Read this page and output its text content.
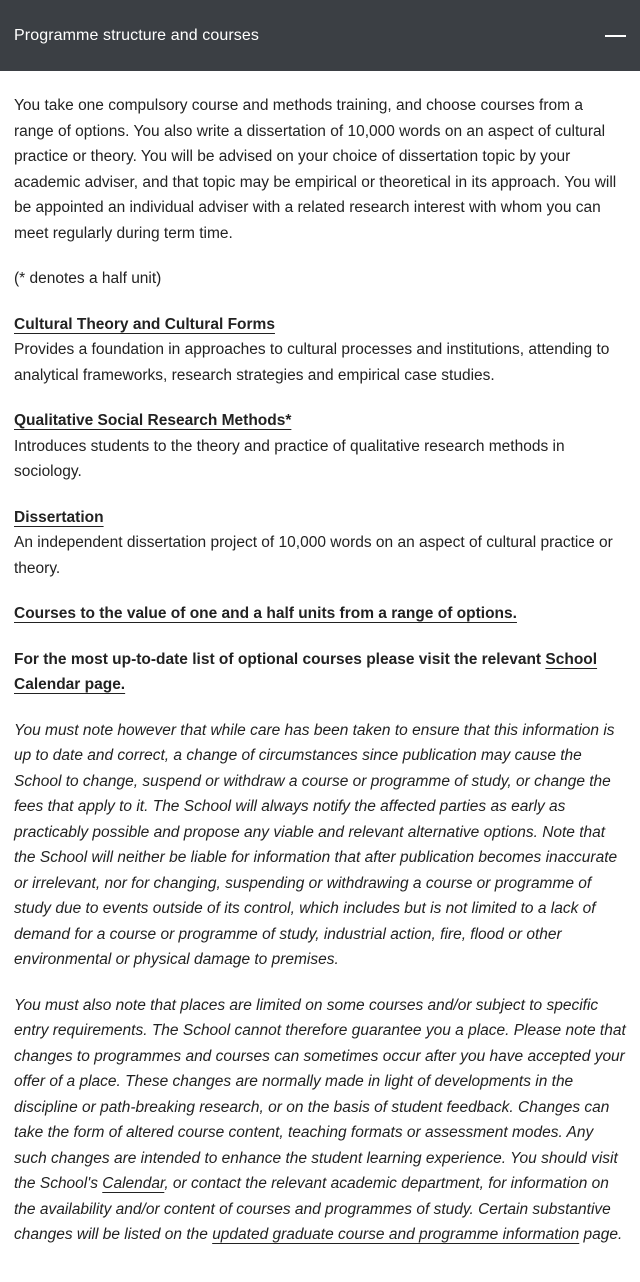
Programme structure and courses

You take one compulsory course and methods training, and choose courses from a range of options. You also write a dissertation of 10,000 words on an aspect of cultural practice or theory. You will be advised on your choice of dissertation topic by your academic adviser, and that topic may be empirical or theoretical in its approach. You will be appointed an individual adviser with a related research interest with whom you can meet regularly during term time.

(* denotes a half unit)

Cultural Theory and Cultural Forms

Provides a foundation in approaches to cultural processes and institutions, attending to analytical frameworks, research strategies and empirical case studies.

Qualitative Social Research Methods*

Introduces students to the theory and practice of qualitative research methods in sociology.

Dissertation

An independent dissertation project of 10,000 words on an aspect of cultural practice or theory.

Courses to the value of one and a half units from a range of options.

For the most up-to-date list of optional courses please visit the relevant School Calendar page.

You must note however that while care has been taken to ensure that this information is up to date and correct, a change of circumstances since publication may cause the School to change, suspend or withdraw a course or programme of study, or change the fees that apply to it. The School will always notify the affected parties as early as practicably possible and propose any viable and relevant alternative options. Note that the School will neither be liable for information that after publication becomes inaccurate or irrelevant, nor for changing, suspending or withdrawing a course or programme of study due to events outside of its control, which includes but is not limited to a lack of demand for a course or programme of study, industrial action, fire, flood or other environmental or physical damage to premises.

You must also note that places are limited on some courses and/or subject to specific entry requirements. The School cannot therefore guarantee you a place. Please note that changes to programmes and courses can sometimes occur after you have accepted your offer of a place. These changes are normally made in light of developments in the discipline or path-breaking research, or on the basis of student feedback. Changes can take the form of altered course content, teaching formats or assessment modes. Any such changes are intended to enhance the student learning experience. You should visit the School's Calendar, or contact the relevant academic department, for information on the availability and/or content of courses and programmes of study. Certain substantive changes will be listed on the updated graduate course and programme information page.
